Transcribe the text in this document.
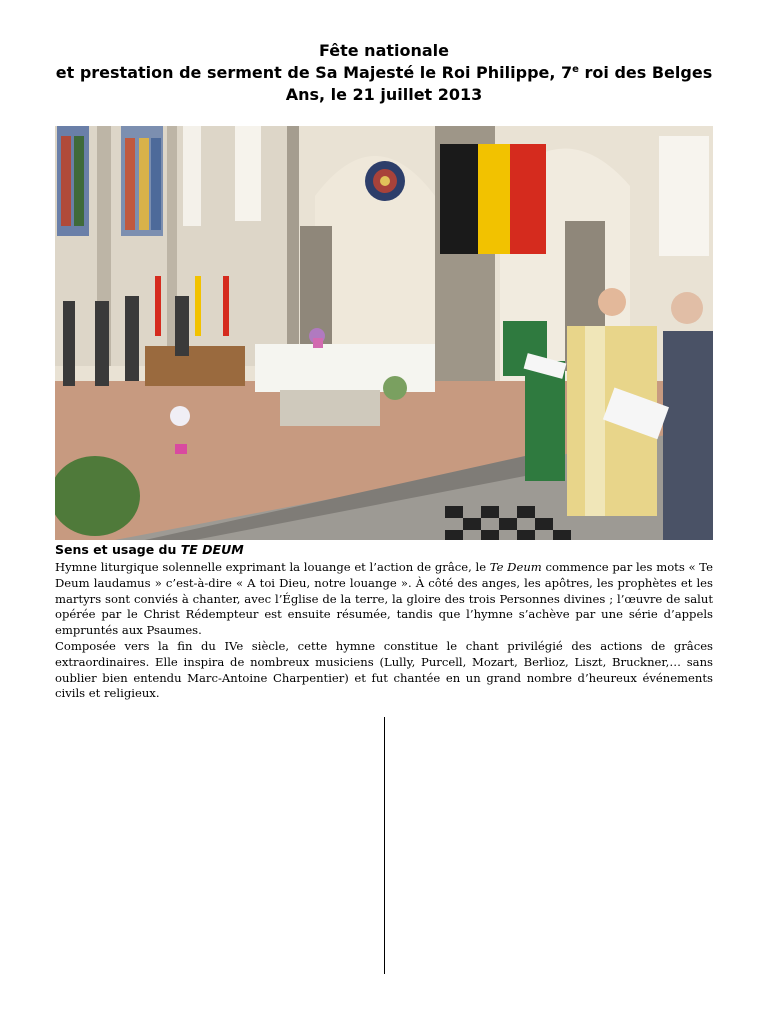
Fête nationale
et prestation de serment de Sa Majesté le Roi Philippe, 7e roi des Belges
Ans, le 21 juillet 2013
Sens et usage du TE DEUM

Hymne liturgique solennelle exprimant la louange et l’action de grâce, le Te Deum commence par les mots « Te Deum laudamus » c’est-à-dire « A toi Dieu, notre louange ». À côté des anges, les apôtres, les prophètes et les martyrs sont conviés à chanter, avec l’Église de la terre, la gloire des trois Personnes divines ; l’œuvre de salut opérée par le Christ Rédempteur est ensuite résumée, tandis que l’hymne s’achève par une série d’appels empruntés aux Psaumes.

Composée vers la fin du IVe siècle, cette hymne constitue le chant privilégié des actions de grâces extraordinaires. Elle inspira de nombreux musiciens (Lully, Purcell, Mozart, Berlioz, Liszt, Bruckner,… sans oublier bien entendu Marc-Antoine Charpentier) et fut chantée en un grand nombre d’heureux événements civils et religieux.
